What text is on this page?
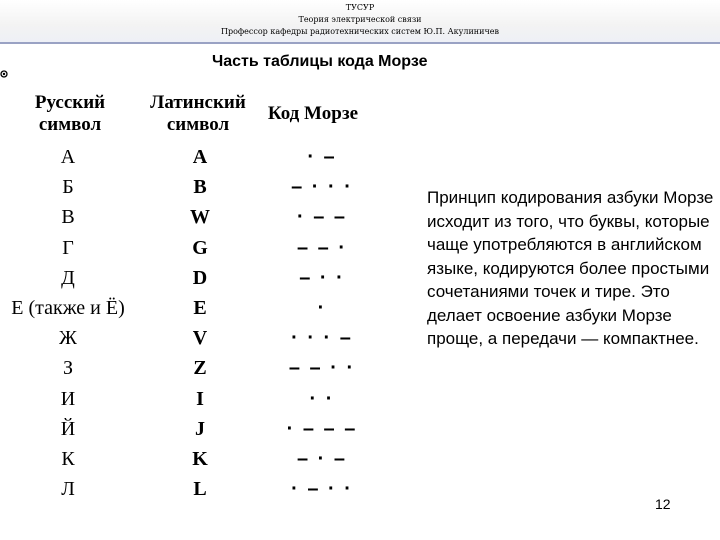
ТУСУР
Теория электрической связи
Профессор кафедры радиотехнических систем Ю.П. Акулиничев
Часть таблицы кода Морзе
Русский
символ
Латинский
символ
Код Морзе
А	A	· –
Б	B	– · · ·
В	W	· – –
Г	G	– – ·
Д	D	– · ·
Е (также и Ё)	E	·
Ж	V	· · · –
З	Z	– – · ·
И	I	· ·
Й	J	· – – –
К	K	– · –
Л	L	· – · ·
Принцип кодирования азбуки Морзе исходит из того, что буквы, которые чаще употребляются в английском языке, кодируются более простыми сочетаниями точек и тире. Это делает освоение азбуки Морзе проще, а передачи — компактнее.
12
